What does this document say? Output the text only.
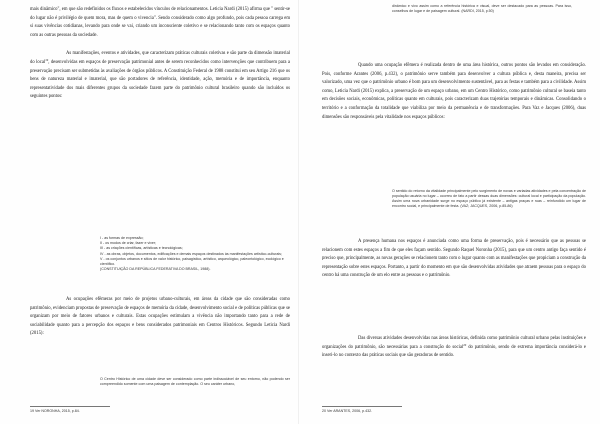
mais dinâmico", em que são redefinidos os fluxos e estabelecidos vínculos de relacionamentos. Leticia Nardi (2015) afirma que " sentir-se do lugar não é privilégio de quem mora, mas de quem o vivencia". Sendo considerado como algo profundo, pois cada pessoa carrega em si suas vivências cotidianas, levando para onde se vai, criando um inconsciente coletivo e se relacionando tanto com os espaços quanto com as outras pessoas da sociedade.

As manifestações, eventos e atividades, que caracterizam práticas culturais coletivas e são parte da dimensão imaterial do local$^{19}$, desenvolvidas em espaços de preservação patrimonial antes de serem reconhecidos como intervenções que contribuem para a preservação precisam ser submetidas às avaliações de órgãos públicos. A Constituição Federal de 1988 constitui em seu Artigo 216 que os bens de natureza material e imaterial, que são portadores de referência, identidade, ação, memória e de importância, enquanto representatividade dos mais diferentes grupos da sociedade fazem parte do patrimônio cultural brasileiro quando são incluídos os seguintes pontos:

I - as formas de expressão;
II - os modos de criar, fazer e viver;
III - as criações científicas, artísticas e tecnológicas;
IV - as obras, objetos, documentos, edificações e demais espaços destinados às manifestações artístico-culturais;
V - os conjuntos urbanos e sítios de valor histórico, paisagístico, artístico, arqueológico, paleontológico, ecológico e científico.
(CONSTITUIÇÃO DA REPÚBLICA FEDERATIVA DO BRASIL, 1988).

As ocupações efêmeras por meio de projetos urbano-culturais, em áreas da cidade que são consideradas como patrimônio, evidenciam propostas de preservação de espaços de memória da cidade, desenvolvimento social e de políticas públicas que se organizam por meio de fatores urbanos e culturais. Estas ocupações estimulam a vivência não importando tanto para a rede de sociabilidade quanto para a percepção dos espaços e bens considerados patrimoniais em Centros Históricos. Segundo Leticia Nardi (2015):

O Centro Histórico de uma cidade deve ser considerado como parte indissociável de seu entorno, não podendo ser compreendido somente com uma paisagem de contemplação. O seu caráter urbano,

19 Ver NORONHA, 2015, p.84.

dinâmico e vivo assim como a referência histórica e visual, deve ser destacado para as pessoas. Para isso, conselhos de lugar e de paisagem cultural. (NARDI, 2015, p.50)

Quando uma ocupação efêmera é realizada dentro de uma área histórica, outros pontos são levados em consideração. Pois, conforme Arantes (2006, p.432), o patrimônio serve também para desenvolver a cultura pública e, desta maneira, precisa ser valorizado, uma vez que o patrimônio urbano é bom para um desenvolvimento sustentável, para as festas e também para a civilidade. Assim como, Leticia Nardi (2015) explica, a preservação de um espaço urbano, em um Centro Histórico, como patrimônio cultural se baseia tanto em decisões sociais, econômicas, políticas quanto em culturais, pois caracterizam duas trajetórias temporais e dinâmicas. Consolidando o território e a conformação da totalidade que viabiliza por meio da permanência e de transformações. Para Vaz e Jacques (2006), duas dimensões são responsáveis pela vitalidade nos espaços públicos:

O sentido do retorno da vitalidade principalmente pelo surgimento de novas e variadas atividades e pela concentração de população usuária no lugar – ocorreu de fato a partir dessas duas dimensões: cultural local e participação da população. Assim uma nova urbanidade surge no espaço público já existente – antigas praças e ruas – reinfundido um lugar de encontro social, e principalmente de festa. (VAZ; JACQUES, 2006, p.85-86)

A presença humana nos espaços é anunciada como uma forma de preservação, pois é necessário que as pessoas se relacionem com estes espaços a fim de que eles façam sentido. Segundo Raquel Noronha (2015), para que um centro antigo faça sentido é preciso que, principalmente, as novas gerações se relacionem tanto com o lugar quanto com as manifestações que propiciam a construção da representação sobre estes espaços. Portanto, a partir do momento em que são desenvolvidas atividades que atraem pessoas para o espaço do centro há uma construção de um elo entre as pessoas e o patrimônio.

Das diversas atividades desenvolvidas nas áreas históricas, definida como patrimônio cultural urbano pelas instituições e organizações do patrimônio, são necessárias para a construção do social$^{20}$ do patrimônio, sendo de extrema importância considerá-lo e inseri-lo no contexto das práticas sociais que são geradoras de sentido.

20 Ver ARANTES, 2006, p.432.
